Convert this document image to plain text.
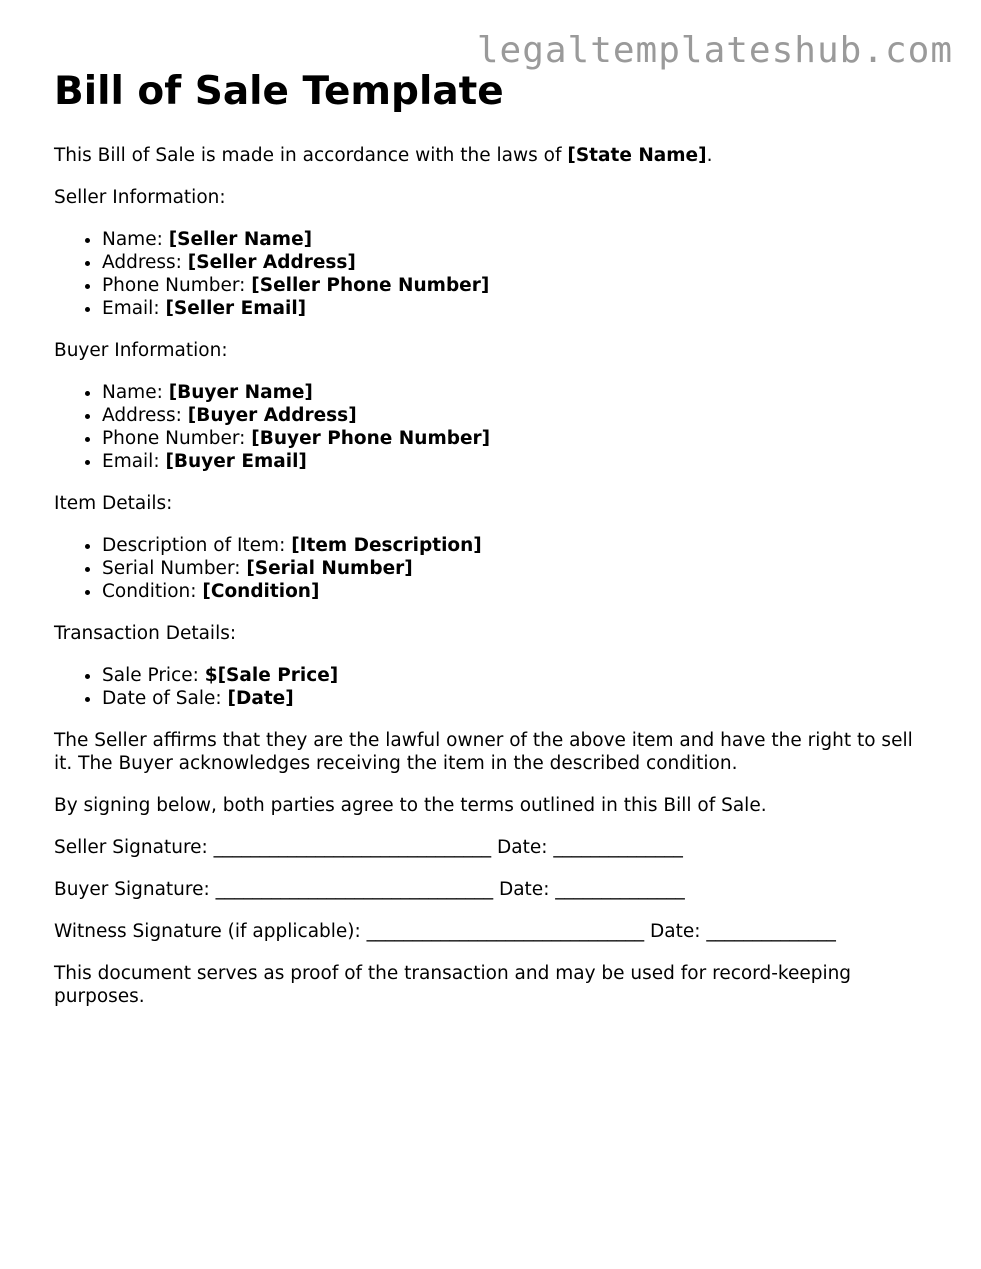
legaltemplateshub.com
Bill of Sale Template

This Bill of Sale is made in accordance with the laws of [State Name].

Seller Information:

• Name: [Seller Name]
• Address: [Seller Address]
• Phone Number: [Seller Phone Number]
• Email: [Seller Email]

Buyer Information:

• Name: [Buyer Name]
• Address: [Buyer Address]
• Phone Number: [Buyer Phone Number]
• Email: [Buyer Email]

Item Details:

• Description of Item: [Item Description]
• Serial Number: [Serial Number]
• Condition: [Condition]

Transaction Details:

• Sale Price: $[Sale Price]
• Date of Sale: [Date]

The Seller affirms that they are the lawful owner of the above item and have the right to sell it. The Buyer acknowledges receiving the item in the described condition.

By signing below, both parties agree to the terms outlined in this Bill of Sale.

Seller Signature: ______________________________ Date: ______________

Buyer Signature: ______________________________ Date: ______________

Witness Signature (if applicable): ______________________________ Date: ______________

This document serves as proof of the transaction and may be used for record-keeping purposes.
